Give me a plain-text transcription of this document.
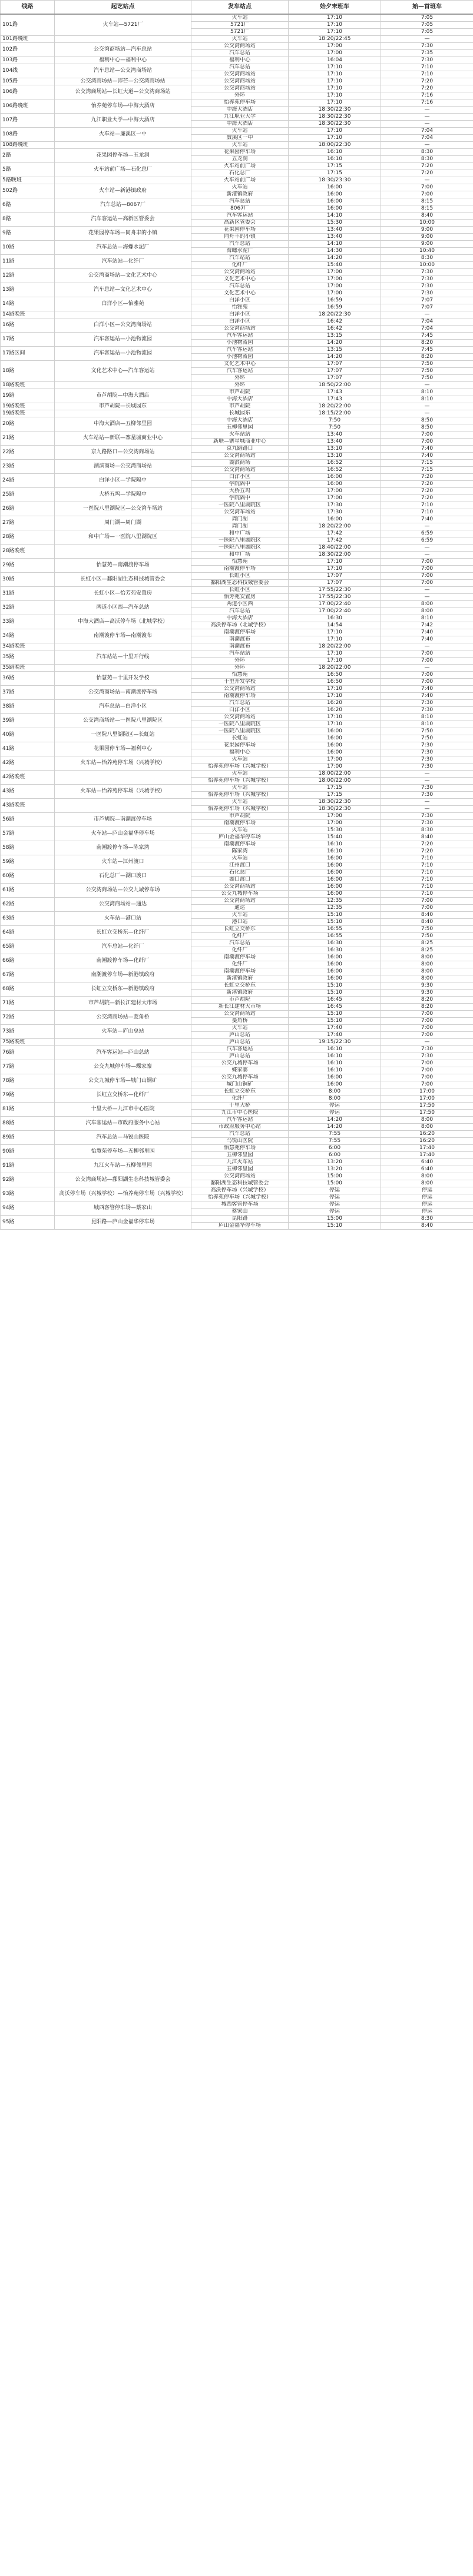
线路	起讫站点	发车站点	始夕末班车	始—首班车
101路	火车站—5721厂	火车站	17:10	7:05
		5721厂	17:10	7:05
		5721厂	17:10	7:05
101路晚班		火车站	18:20/22:45	—
102路	公交湾商场站—汽车总站	公交湾商场站	17:00	7:30
		汽车总站	17:00	7:35
103路	福利中心—福利中心	福利中心	16:04	7:30
104线	汽车总站—公交湾商场站	汽车总站	17:10	7:10
		公交湾商场站	17:10	7:10
105路	公交湾商场站—沛芒—公交湾商场站	公交湾商场站	17:10	7:20
106路	公交湾商场站—长虹大道—公交湾商场站	公交湾商场站	17:10	7:20
		外环	17:10	7:16
106路晚班	怡养苑停车场—中海大酒店	怡养苑停车场	17:10	7:16
		中海大酒店	18:30/22:30	—
107路	九江职业大学—中海大酒店	九江职业大学	18:30/22:30	—
		中海大酒店	18:30/22:30	—
108路	火车站—廉溪区一中	火车站	17:10	7:04
		廉溪区一中	17:10	7:04
108路晚班		火车站	18:00/22:30	—
2路	花果园停车场—五龙洞	花果园停车场	16:10	8:30
		五龙洞	16:10	8:30
5路	火车站前广场—石化总厂	火车站前广场	17:15	7:20
		石化总厂	17:15	7:20
5路晚班		火车站前广场	18:30/23:30	—
502路	火车站—新港镇政府	火车站	16:00	7:00
		新港镇政府	16:00	7:00
6路	汽车总站—8067厂	汽车总站	16:00	8:15
		8067厂	16:00	8:15
8路	汽车客运站—高新区管委会	汽车客运站	14:10	8:40
		高新区管委会	15:30	10:00
9路	花果园停车场—同舟丰的小镇	花果园停车场	13:40	9:00
		同舟丰的小镇	13:40	9:00
10路	汽车总站—海螺水泥厂	汽车总站	14:10	9:00
		海螺水泥厂	14:30	10:40
11路	汽车站站—化纤厂	汽车站站	14:20	8:30
		化纤厂	15:40	10:00
12路	公交湾商场站—文化艺术中心	公交湾商场站	17:00	7:30
		文化艺术中心	17:00	7:30
13路	汽车总站—文化艺术中心	汽车总站	17:00	7:30
		文化艺术中心	17:00	7:30
14路	白洋小区—怡雅苑	白洋小区	16:59	7:07
		怡雅苑	16:59	7:07
14路晚班		白洋小区	18:20/22:30	—
16路	白洋小区—公交湾商场站	白洋小区	16:42	7:04
		公交湾商场站	16:42	7:04
17路	汽车客运站—小池物流园	汽车客运站	13:15	7:45
		小池物流园	14:20	8:20
17路区间	汽车客运站—小池物流园	汽车客运站	13:15	7:45
		小池物流园	14:20	8:20
18路	文化艺术中心—汽车客运站	文化艺术中心	17:07	7:50
		汽车客运站	17:07	7:50
		外环	17:07	7:50
18路晚班		外环	18:50/22:00	—
19路	市芦胡院—中海大酒店	市芦胡院	17:43	8:10
		中海大酒店	17:43	8:10
19路晚班	市芦胡院—长城园东	市芦胡院	18:20/22:00	—
19路晚班		长城园东	18:15/22:00	—
20路	中海大酒店—五柳邻里园	中海大酒店	7:50	8:50
		五柳邻里园	7:50	8:50
21路	火车站站—新联—寨星城商业中心	火车站站	13:40	7:00
		新联—寨星城商业中心	13:40	7:00
22路	京九路路口—公交湾商场站	京九路路口	13:10	7:40
		公交湾商场站	13:10	7:40
23路	湖滨商场—公交湾商场站	湖滨商场	16:52	7:15
		公交湾商场站	16:52	7:15
24路	白洋小区—学院隔中	白洋小区	16:00	7:20
		学院隔中	16:00	7:20
25路	大桥五坞—学院隔中	大桥五坞	17:00	7:20
		学院隔中	17:00	7:20
26路	一医院八里湖院区—公交湾车场站	一医院八里湖院区	17:30	7:10
		公交湾车场站	17:30	7:10
27路	周门湖—周门湖	周门湖	16:00	7:40
		周门湖	18:20/22:00	—
28路	和中广场—一医院八里湖院区	和中广场	17:42	6:59
		一医院八里湖院区	17:42	6:59
28路晚班		一医院八里湖院区	18:40/22:00	—
		和中广场	18:30/22:00	—
29路	怡慧苑—南潮渡停车场	怡慧苑	17:10	7:00
		南潮渡停车场	17:10	7:00
30路	长虹小区—鄱阳湖生态科技城管委会	长虹小区	17:07	7:00
		鄱阳湖生态科技城管委会	17:07	7:00
31路	长虹小区—怡芳苑安置房	长虹小区	17:55/22:30	—
		怡芳苑安置房	17:55/22:30	—
32路	两道小区西—汽车总站	两道小区西	17:00/22:40	8:00
		汽车总站	17:00/22:40	8:00
33路	中海大酒店—高沃停车场（北城学校）	中海大酒店	16:30	8:10
		高沃停车场（北城学校）	14:54	7:42
34路	南潮渡停车场—南潮渡布	南潮渡停车场	17:10	7:40
		南潮渡布	17:10	7:40
34路晚班		南潮渡布	18:20/22:00	—
35路	汽车站站—十里开行线	汽车站站	17:10	7:00
		外环	17:10	7:00
35路晚班		外环	18:20/22:00	—
36路	怡慧苑—十里开发学校	怡慧苑	16:50	7:00
		十里开发学校	16:50	7:00
37路	公交湾商场站—南潮渡停车场	公交湾商场站	17:10	7:40
		南潮渡停车场	17:10	7:40
38路	汽车总站—白洋小区	汽车总站	16:20	7:30
		白洋小区	16:20	7:30
39路	公交湾商场站—一医院八里湖院区	公交湾商场站	17:10	8:10
		一医院八里湖院区	17:10	8:10
40路	一医院八里湖院区—长虹站	一医院八里湖院区	16:00	7:50
		长虹站	16:00	7:50
41路	花果园停车场—福利中心	花果园停车场	16:00	7:30
		福利中心	16:00	7:30
42路	火车站—怡养苑停车场（兴城学校）	火车站	17:00	7:30
		怡养苑停车场（兴城学校）	17:00	7:30
42路晚班		火车站	18:00/22:00	—
		怡养苑停车场（兴城学校）	18:00/22:00	—
43路	火车站—怡养苑停车场（兴城学校）	火车站	17:15	7:30
		怡养苑停车场（兴城学校）	17:15	7:30
43路晚班		火车站	18:30/22:30	—
		怡养苑停车场（兴城学校）	18:30/22:30	—
56路	市芦胡院—南潮渡停车场	市芦胡院	17:00	7:30
		南潮渡停车场	17:00	7:30
57路	火车站—庐山金福华停车场	火车站	15:30	8:30
		庐山金福华停车场	15:40	8:40
58路	南潮渡停车场—陈家湾	南潮渡停车场	16:10	7:20
		陈家湾	16:10	7:20
59路	火车站—江州渡口	火车站	16:00	7:10
		江州渡口	16:00	7:10
60路	石化总厂—湖口渡口	石化总厂	16:00	7:10
		湖口渡口	16:00	7:10
61路	公交湾商场站—公交九城停车场	公交湾商场站	16:00	7:10
		公交九城停车场	16:00	7:10
62路	公交湾商场站—通达	公交湾商场站	12:35	7:00
		通达	12:35	7:00
63路	火车站—港口站	火车站	15:10	8:40
		港口站	15:10	8:40
64路	长虹立交桥东—化纤厂	长虹立交桥东	16:55	7:50
		化纤厂	16:55	7:50
65路	汽车总站—化纤厂	汽车总站	16:30	8:25
		化纤厂	16:30	8:25
66路	南潮渡停车场—化纤厂	南潮渡停车场	16:00	8:00
		化纤厂	16:00	8:00
67路	南潮渡停车场—新港镇政府	南潮渡停车场	16:00	8:00
		新港镇政府	16:00	8:00
68路	长虹立交桥东—新港镇政府	长虹立交桥东	15:10	9:30
		新港镇政府	15:10	9:30
71路	市芦胡院—新长江建材大市场	市芦胡院	16:45	8:20
		新长江建材大市场	16:45	8:20
72路	公交湾商场站—菱角桥	公交湾商场站	15:10	7:00
		菱角桥	15:10	7:00
73路	火车站—庐山总站	火车站	17:40	7:00
		庐山总站	17:40	7:00
75路晚班		庐山总站	19:15/22:30	—
76路	汽车客运站—庐山总站	汽车客运站	16:10	7:30
		庐山总站	16:10	7:30
77路	公交九城停车场—蝶家寨	公交九城停车场	16:10	7:00
		蝶家寨	16:10	7:00
78路	公交九城停车场—城门山铜矿	公交九城停车场	16:00	7:00
		城门山铜矿	16:00	7:00
79路	长虹立交桥东—化纤厂	长虹立交桥东	8:00	17:00
		化纤厂	8:00	17:00
81路	十里大桥—九江市中心医院	十里大桥	停运	17:50
		九江市中心医院	停运	17:50
88路	汽车客运站—市政府服务中心站	汽车客运站	14:20	8:00
		市政府服务中心站	14:20	8:00
89路	汽车总站—马锐山医院	汽车总站	7:55	16:20
		马锐山医院	7:55	16:20
90路	怡慧苑停车场—五柳邻里园	怡慧苑停车场	6:00	17:40
		五柳邻里园	6:00	17:40
91路	九江火车站—五柳邻里园	九江火车站	13:20	6:40
		五柳邻里园	13:20	6:40
92路	公交湾商场站—鄱阳湖生态科技城管委会	公交湾商场站	15:00	8:00
		鄱阳湖生态科技城管委会	15:00	8:00
93路	高沃停车场（兴城学校）—怡养苑停车场（兴城学校）	高沃停车场（兴城学校）	停运	停运
		怡养苑停车场（兴城学校）	停运	停运
94路	城西客管停车场—蔡家山	城西客管停车场	停运	停运
		蔡家山	停运	停运
95路	昆阳路—庐山金福华停车场	昆阳路	15:00	8:30
		庐山金福华停车场	15:10	8:40
